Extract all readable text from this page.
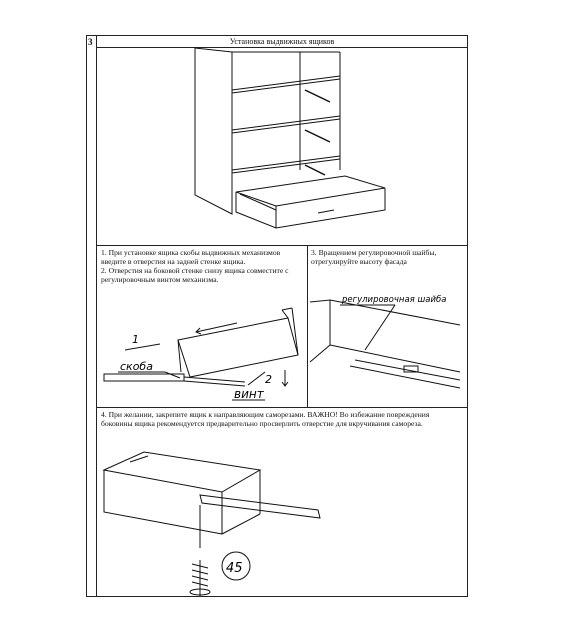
3	Установка выдвижных ящиков
1. При установке ящика скобы выдвижных механизмов введите в отверстия на задней стенке ящика.
2. Отверстия на боковой стенке снизу ящика совместите с регулировочным винтом механизма.
3. Вращением регулировочной шайбы, отрегулируйте высоту фасада
4. При желании, закрепите ящик к направляющим саморезами. ВАЖНО! Во избежание повреждения боковины ящика рекомендуется предварительно просверлить отверстие для вкручивания самореза.
1
скоба
2
винт
регулировочная шайба
45
